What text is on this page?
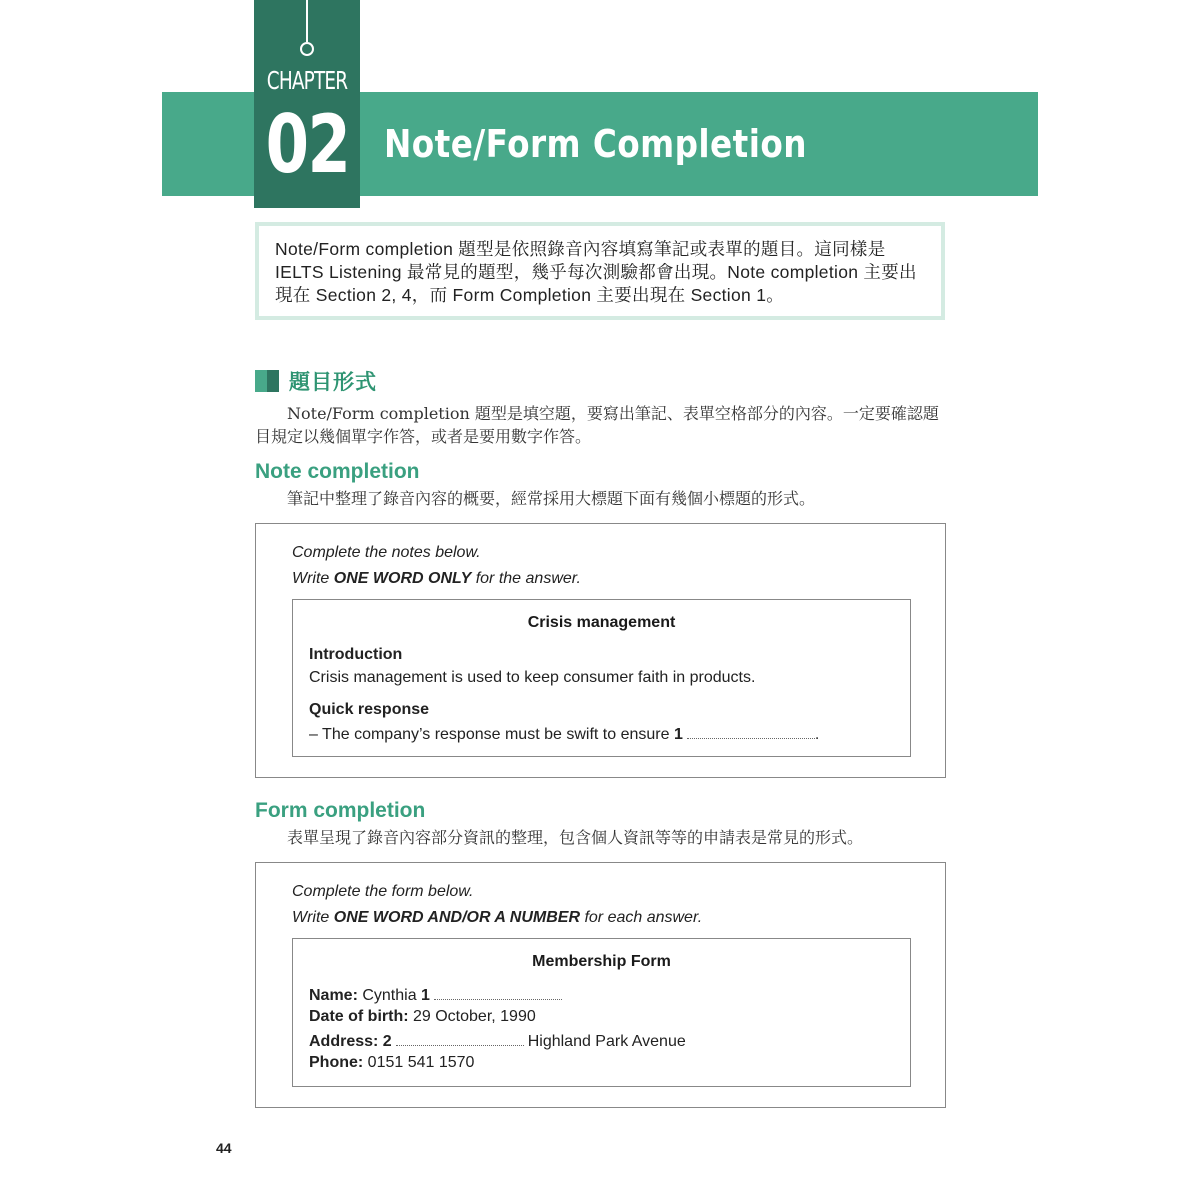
CHAPTER
02 Note/Form Completion
Note/Form completion 題型是依照錄音內容填寫筆記或表單的題目。這同樣是 IELTS Listening 最常見的題型，幾乎每次測驗都會出現。Note completion 主要出現在 Section 2, 4，而 Form Completion 主要出現在 Section 1。
題目形式
Note/Form completion 題型是填空題，要寫出筆記、表單空格部分的內容。一定要確認題目規定以幾個單字作答，或者是要用數字作答。
Note completion
筆記中整理了錄音內容的概要，經常採用大標題下面有幾個小標題的形式。
Complete the notes below.
Write ONE WORD ONLY for the answer.
Crisis management
Introduction
Crisis management is used to keep consumer faith in products.
Quick response
– The company’s response must be swift to ensure 1	.
Form completion
表單呈現了錄音內容部分資訊的整理，包含個人資訊等等的申請表是常見的形式。
Complete the form below.
Write ONE WORD AND/OR A NUMBER for each answer.
Membership Form
Name: Cynthia 1
Date of birth: 29 October, 1990
Address: 2	Highland Park Avenue
Phone: 0151 541 1570
44
